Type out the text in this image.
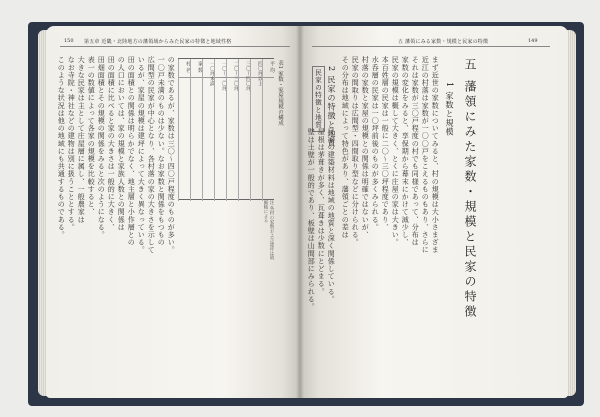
150 第五章 近畿・北陸地方の藩領域からみた民家の特徴と地域性格
村 名	家 数	一〇坪未満	一〇〜二〇坪	二〇〜三〇坪	三〇〜四〇坪	四〇坪以上	平 均 表1 家数・家屋規模の構成
注 各村の家数および建坪は明細帳による
の家数であるが、家数は三〇〜四〇戸程度のものが多い。
一〇戸未満のものは少ない。なお家数と関係をもつもの
広間型の民家が中心となり、各村落の家の大きさを示して
いるが、家屋の規模は建坪によって大きく異なっている。
田の面積との関係は明らかでなく、地主層と小作層との
の人口においては、家の規模と家族人数との関係は
田の面積に比べると家の大きさは一般的に大きく、
田畑面積とその規模の関係をみると次のようになる。
表一の数値によって各家の規模を比較すると、
大きな民家は主として庄屋層に属し、一般農家は
なお寺院・神社などの建物は別に扱うこととする。
このような状況は他の地域にも共通するものである。
五 藩領にみる家数・規模と民家の特徴	149
五 藩領にみた家数・規模と民家の特徴
1 家数と規模
まず近世の家数についてみると、村の規模は大小さまざま
近江の村落は家数が一〇〇戸をこえるものもあり、さらに
それは家数が三〇戸程度の村でも同様であって、分布は
家数の変化をみると、享保期から幕末にかけて減少し、
民家の規模は概して大きく、とくに庄屋の家は大きい。
本百姓層の民家は一般に二〇〜三〇坪程度であり、
水呑層の民家は一〇坪前後のものが多くみられる。
村落の家数と家屋の規模との関係は明確ではないが、
民家の間取りは広間型・四間取り型などに分けられる。
その分布は地域によって特色があり、藩領ごとの差は
2 民家の特徴と地質
民家の特徴と地質
民家の建築材料は地域の地質と深く関係している。
屋根は茅葺きが多く、瓦葺きは少数にとどまる。
壁は土壁が一般的であり、板壁は山間部にみられる。
